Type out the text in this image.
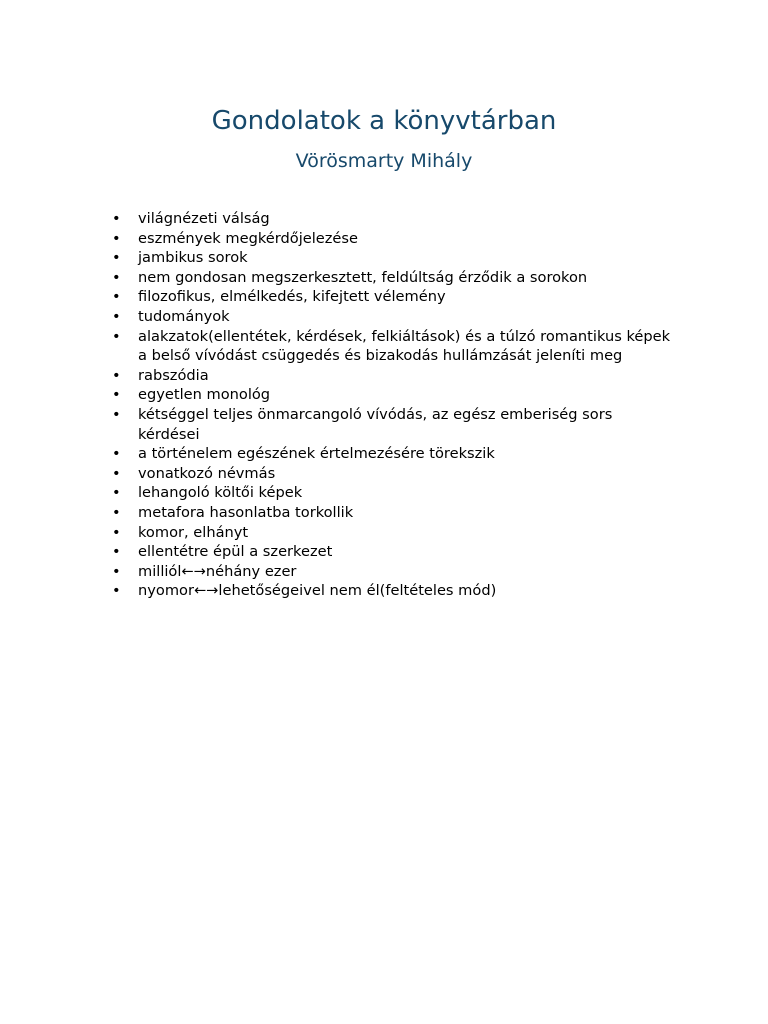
Gondolatok a könyvtárban
Vörösmarty Mihály
•	világnézeti válság
•	eszmények megkérdőjelezése
•	jambikus sorok
•	nem gondosan megszerkesztett, feldúltság érződik a sorokon
•	filozofikus, elmélkedés, kifejtett vélemény
•	tudományok
•	alakzatok(ellentétek, kérdések, felkiáltások) és a túlzó romantikus képek a belső vívódást csüggedés és bizakodás hullámzását jeleníti meg
•	rabszódia
•	egyetlen monológ
•	kétséggel teljes önmarcangoló vívódás, az egész emberiség sors kérdései
•	a történelem egészének értelmezésére törekszik
•	vonatkozó névmás
•	lehangoló költői képek
•	metafora hasonlatba torkollik
•	komor, elhányt
•	ellentétre épül a szerkezet
•	milliól←→néhány ezer
•	nyomor←→lehetőségeivel nem él(feltételes mód)
